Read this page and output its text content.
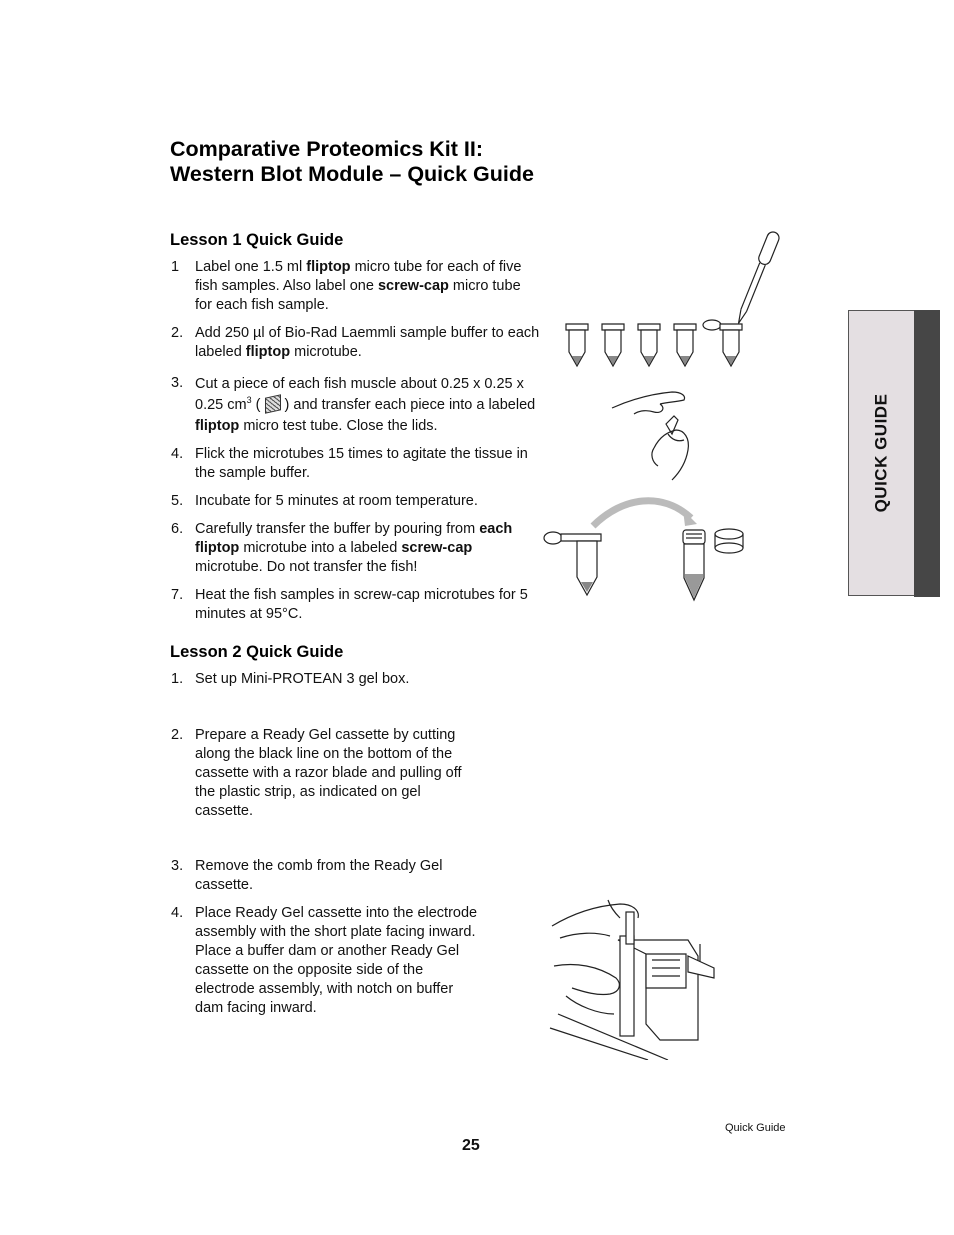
Comparative Proteomics Kit II: Western Blot Module – Quick Guide
Lesson 1 Quick Guide
1	Label one 1.5 ml fliptop micro tube for each of five fish samples. Also label one screw-cap micro tube for each fish sample.
2. Add 250 µl of Bio-Rad Laemmli sample buffer to each labeled fliptop microtube.
3. Cut a piece of each fish muscle about 0.25 x 0.25 x 0.25 $cm^3$ (  ) and transfer each piece into a labeled fliptop micro test tube. Close the lids.
4. Flick the microtubes 15 times to agitate the tissue in the sample buffer.
5. Incubate for 5 minutes at room temperature.
6. Carefully transfer the buffer by pouring from each fliptop microtube into a labeled screw-cap microtube. Do not transfer the fish!
7. Heat the fish samples in screw-cap microtubes for 5 minutes at 95°C.
Lesson 2 Quick Guide
1. Set up Mini-PROTEAN 3 gel box.
2. Prepare a Ready Gel cassette by cutting along the black line on the bottom of the cassette with a razor blade and pulling off the plastic strip, as indicated on gel cassette.
3. Remove the comb from the Ready Gel cassette.
4. Place Ready Gel cassette into the electrode assembly with the short plate facing inward. Place a buffer dam or another Ready Gel cassette on the opposite side of the electrode assembly, with notch on buffer dam facing inward.
QUICK GUIDE
Quick Guide
25
